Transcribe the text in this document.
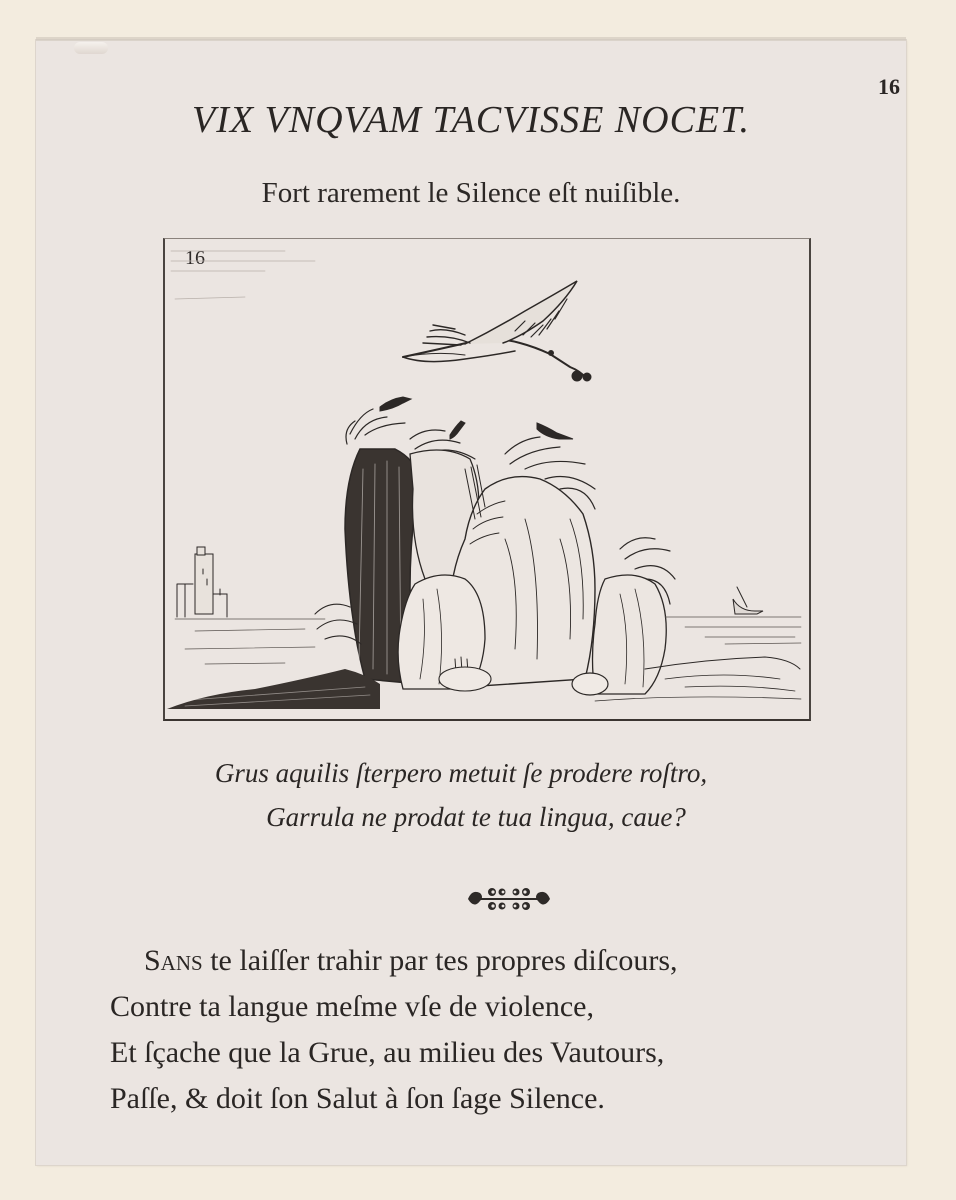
16
VIX VNQVAM TACVISSE NOCET.
Fort rarement le Silence eſt nuiſible.
16
Grus aquilis ſterpero metuit ſe prodere roſtro,
Garrula ne prodat te tua lingua, caue?
Sans te laiſſer trahir par tes propres diſcours,
Contre ta langue meſme vſe de violence,
Et ſçache que la Grue, au milieu des Vautours,
Paſſe, & doit ſon Salut à ſon ſage Silence.
